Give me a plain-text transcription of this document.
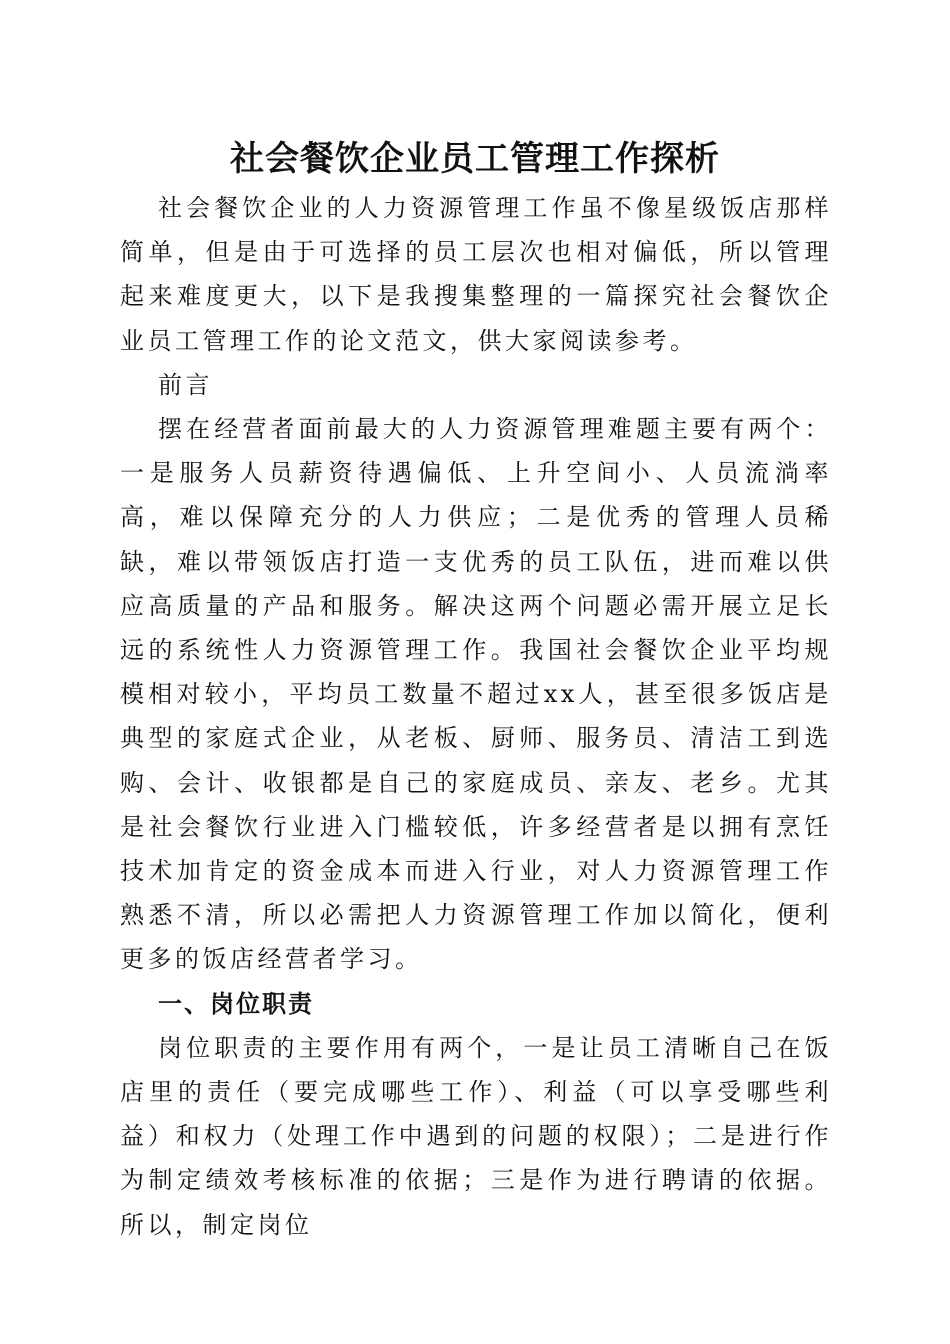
社会餐饮企业员工管理工作探析

社会餐饮企业的人力资源管理工作虽不像星级饭店那样简单，但是由于可选择的员工层次也相对偏低，所以管理起来难度更大，以下是我搜集整理的一篇探究社会餐饮企业员工管理工作的论文范文，供大家阅读参考。

前言

摆在经营者面前最大的人力资源管理难题主要有两个：一是服务人员薪资待遇偏低、上升空间小、人员流淌率高，难以保障充分的人力供应；二是优秀的管理人员稀缺，难以带领饭店打造一支优秀的员工队伍，进而难以供应高质量的产品和服务。解决这两个问题必需开展立足长远的系统性人力资源管理工作。我国社会餐饮企业平均规模相对较小，平均员工数量不超过xx人，甚至很多饭店是典型的家庭式企业，从老板、厨师、服务员、清洁工到选购、会计、收银都是自己的家庭成员、亲友、老乡。尤其是社会餐饮行业进入门槛较低，许多经营者是以拥有烹饪技术加肯定的资金成本而进入行业，对人力资源管理工作熟悉不清，所以必需把人力资源管理工作加以简化，便利更多的饭店经营者学习。

一、岗位职责

岗位职责的主要作用有两个，一是让员工清晰自己在饭店里的责任（要完成哪些工作）、利益（可以享受哪些利益）和权力（处理工作中遇到的问题的权限）；二是进行作为制定绩效考核标准的依据；三是作为进行聘请的依据。所以，制定岗位
